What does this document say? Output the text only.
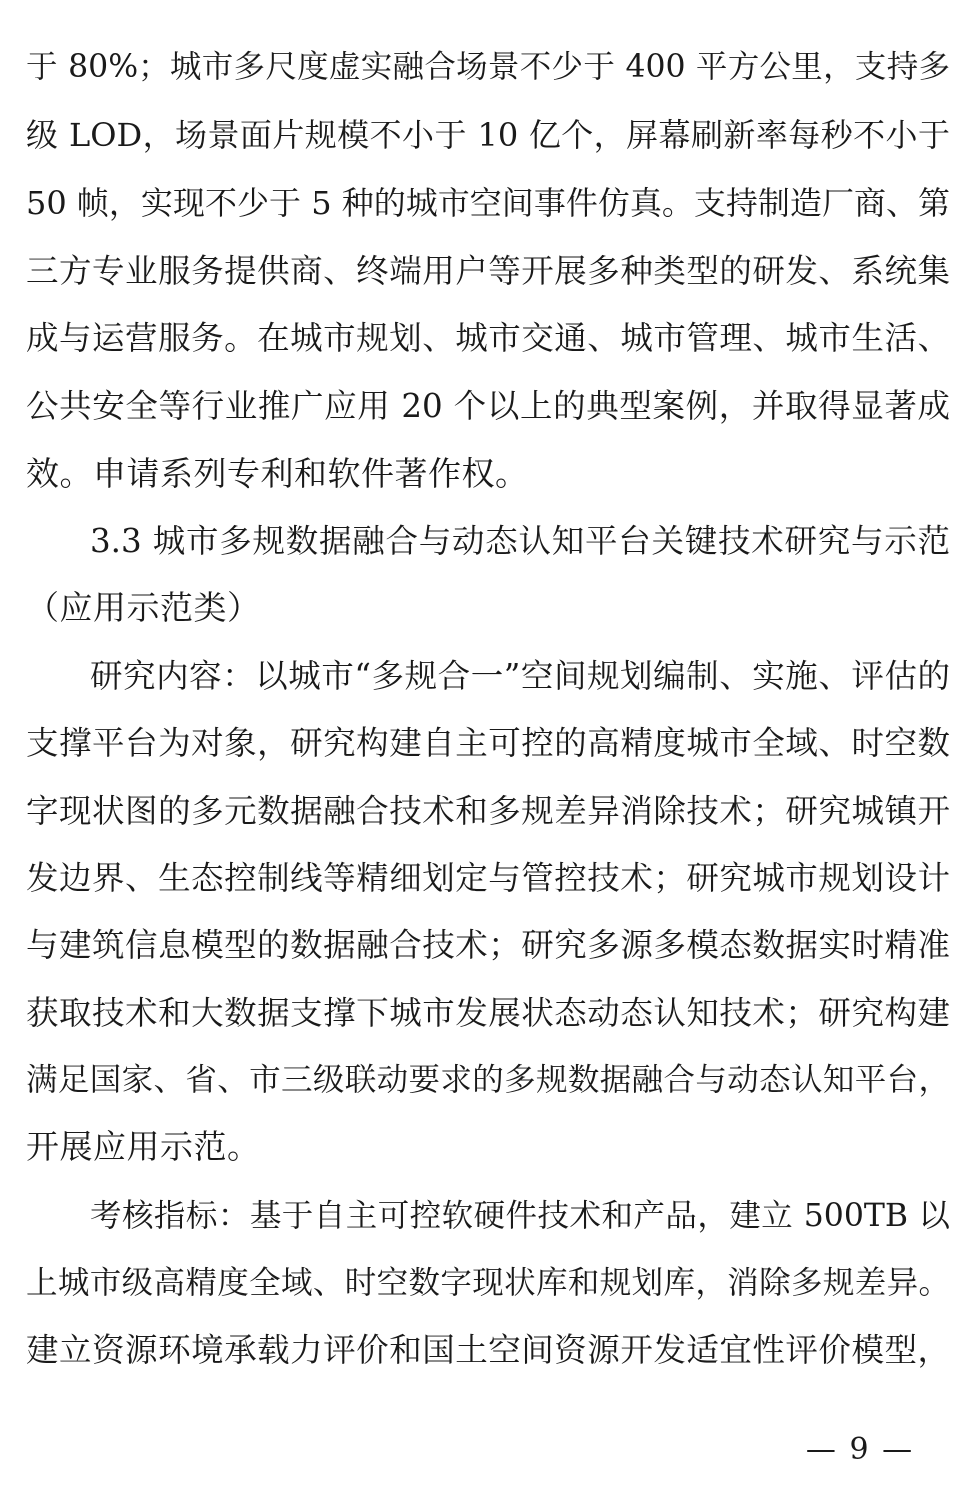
于 80%；城市多尺度虚实融合场景不少于 400 平方公里，支持多
级 LOD，场景面片规模不小于 10 亿个，屏幕刷新率每秒不小于
50 帧，实现不少于 5 种的城市空间事件仿真。支持制造厂商、第
三方专业服务提供商、终端用户等开展多种类型的研发、系统集
成与运营服务。在城市规划、城市交通、城市管理、城市生活、
公共安全等行业推广应用 20 个以上的典型案例，并取得显著成
效。申请系列专利和软件著作权。
3.3 城市多规数据融合与动态认知平台关键技术研究与示范
（应用示范类）
研究内容：以城市“多规合一”空间规划编制、实施、评估的
支撑平台为对象，研究构建自主可控的高精度城市全域、时空数
字现状图的多元数据融合技术和多规差异消除技术；研究城镇开
发边界、生态控制线等精细划定与管控技术；研究城市规划设计
与建筑信息模型的数据融合技术；研究多源多模态数据实时精准
获取技术和大数据支撑下城市发展状态动态认知技术；研究构建
满足国家、省、市三级联动要求的多规数据融合与动态认知平台，
开展应用示范。
考核指标：基于自主可控软硬件技术和产品，建立 500TB 以
上城市级高精度全域、时空数字现状库和规划库，消除多规差异。
建立资源环境承载力评价和国土空间资源开发适宜性评价模型，
— 9 —
